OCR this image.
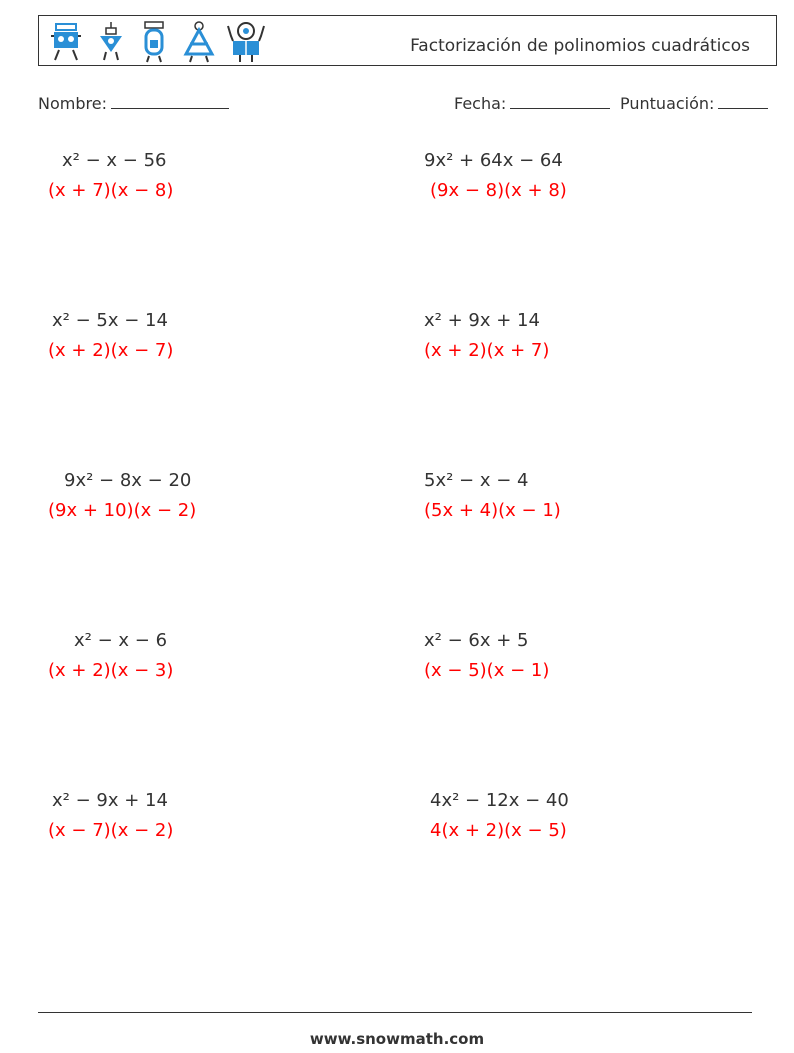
Factorización de polinomios cuadráticos
Nombre:	Fecha:	Puntuación:
x² − x − 56
(x + 7)(x − 8)
9x² + 64x − 64
(9x − 8)(x + 8)
x² − 5x − 14
(x + 2)(x − 7)
x² + 9x + 14
(x + 2)(x + 7)
9x² − 8x − 20
(9x + 10)(x − 2)
5x² − x − 4
(5x + 4)(x − 1)
x² − x − 6
(x + 2)(x − 3)
x² − 6x + 5
(x − 5)(x − 1)
x² − 9x + 14
(x − 7)(x − 2)
4x² − 12x − 40
4(x + 2)(x − 5)
www.snowmath.com
